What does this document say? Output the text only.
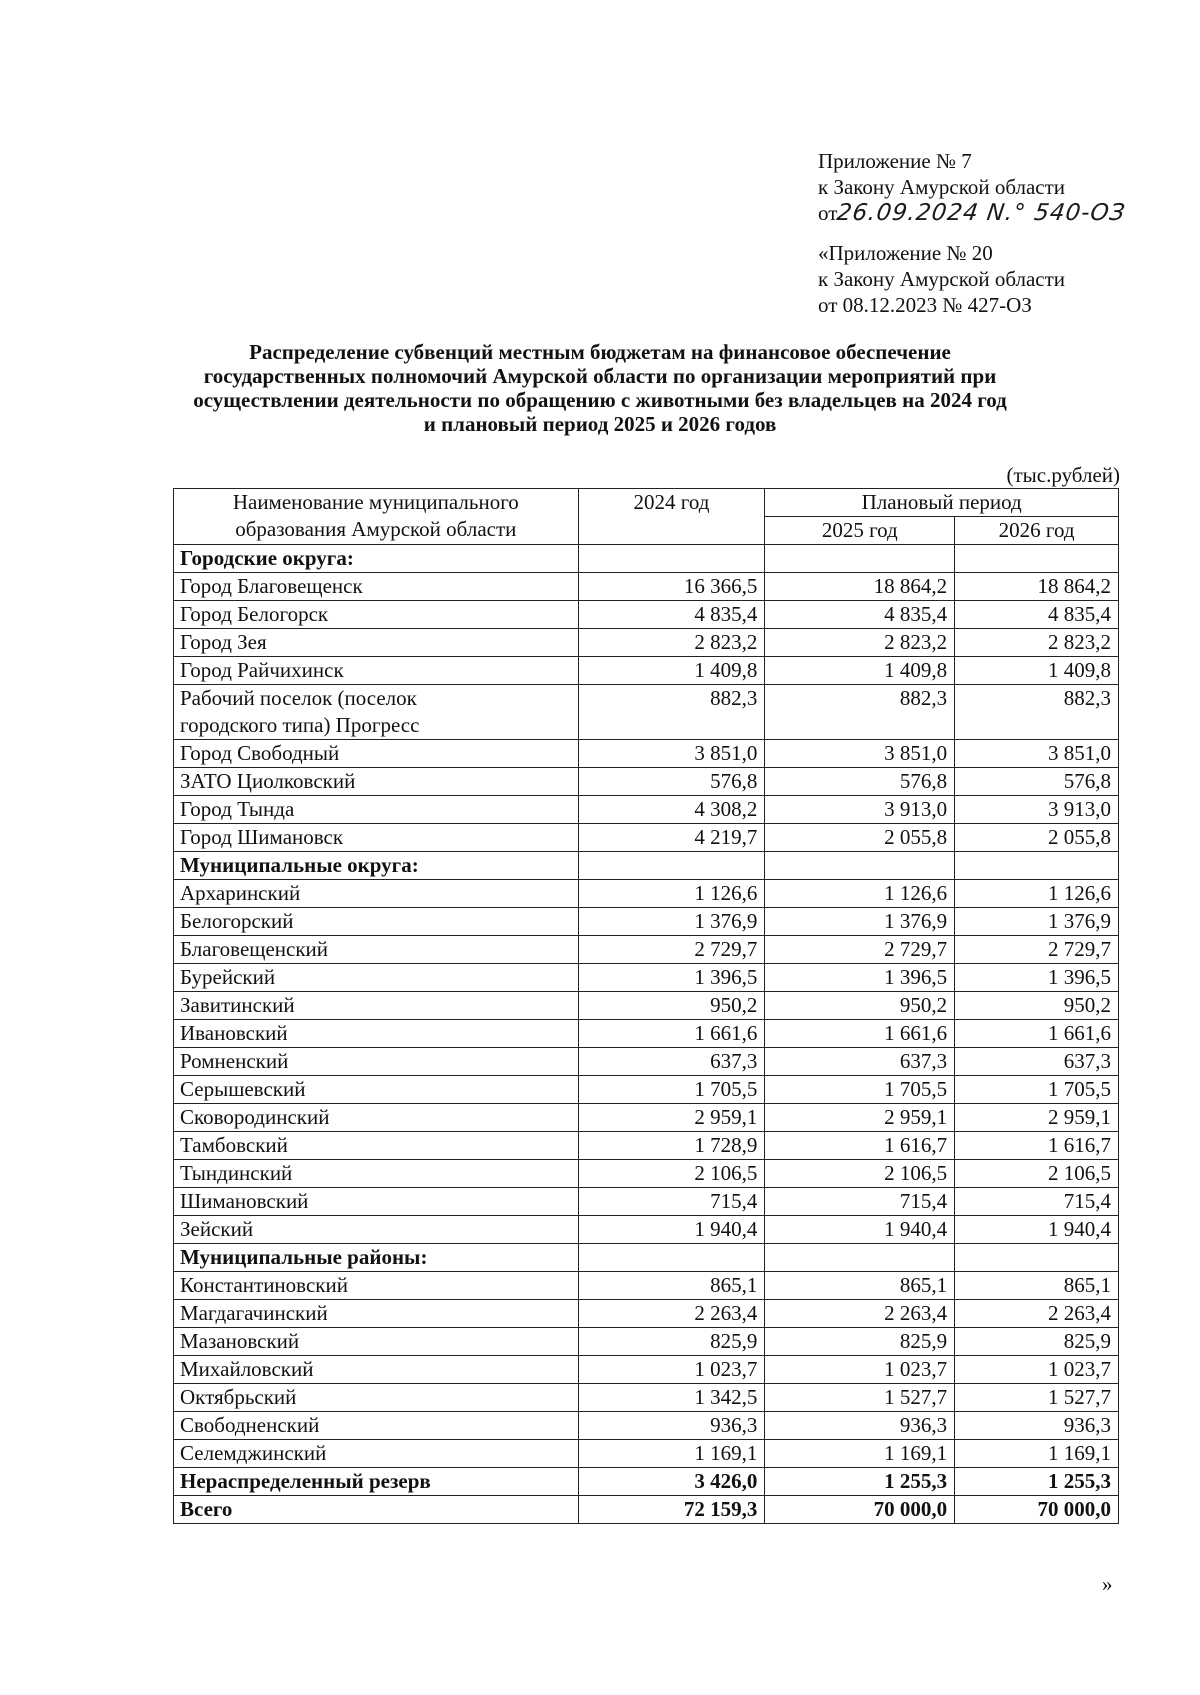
Приложение № 7
к Закону Амурской области
от26.09.2024 N.° 540-ОЗ
«Приложение № 20
к Закону Амурской области
от 08.12.2023 № 427-ОЗ
Распределение субвенций местным бюджетам на финансовое обеспечение
государственных полномочий Амурской области по организации мероприятий при
осуществлении деятельности по обращению с животными без владельцев на 2024 год
и плановый период 2025 и 2026 годов
(тыс.рублей)
Наименование муниципального
образования Амурской области	2024 год	Плановый период	
		2025 год	2026 год

Городские округа:			

Город Благовещенск	16 366,5	18 864,2	18 864,2

Город Белогорск	4 835,4	4 835,4	4 835,4

Город Зея	2 823,2	2 823,2	2 823,2

Город Райчихинск	1 409,8	1 409,8	1 409,8

Рабочий поселок (поселок
городского типа) Прогресс	882,3	882,3	882,3

Город Свободный	3 851,0	3 851,0	3 851,0

ЗАТО Циолковский	576,8	576,8	576,8

Город Тында	4 308,2	3 913,0	3 913,0

Город Шимановск	4 219,7	2 055,8	2 055,8

Муниципальные округа:			

Архаринский	1 126,6	1 126,6	1 126,6

Белогорский	1 376,9	1 376,9	1 376,9

Благовещенский	2 729,7	2 729,7	2 729,7

Бурейский	1 396,5	1 396,5	1 396,5

Завитинский	950,2	950,2	950,2

Ивановский	1 661,6	1 661,6	1 661,6

Ромненский	637,3	637,3	637,3

Серышевский	1 705,5	1 705,5	1 705,5

Сковородинский	2 959,1	2 959,1	2 959,1

Тамбовский	1 728,9	1 616,7	1 616,7

Тындинский	2 106,5	2 106,5	2 106,5

Шимановский	715,4	715,4	715,4

Зейский	1 940,4	1 940,4	1 940,4

Муниципальные районы:			

Константиновский	865,1	865,1	865,1

Магдагачинский	2 263,4	2 263,4	2 263,4

Мазановский	825,9	825,9	825,9

Михайловский	1 023,7	1 023,7	1 023,7

Октябрьский	1 342,5	1 527,7	1 527,7

Свободненский	936,3	936,3	936,3

Селемджинский	1 169,1	1 169,1	1 169,1

Нераспределенный резерв	3 426,0	1 255,3	1 255,3

Всего	72 159,3	70 000,0	70 000,0
»
